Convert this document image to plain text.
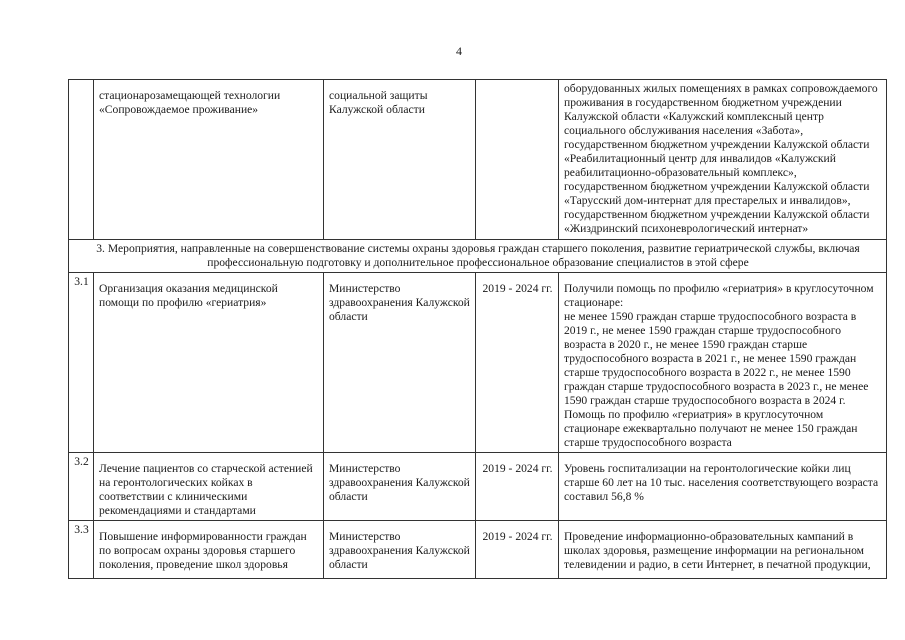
4
	стационарозамещающей технологии «Сопровождаемое проживание»	социальной защиты Калужской области		оборудованных жилых помещениях в рамках сопровождаемого проживания в государственном бюджетном учреждении Калужской области «Калужский комплексный центр социального обслуживания населения «Забота», государственном бюджетном учреждении Калужской области «Реабилитационный центр для инвалидов «Калужский реабилитационно-образовательный комплекс», государственном бюджетном учреждении Калужской области «Тарусский дом-интернат для престарелых и инвалидов», государственном бюджетном учреждении Калужской области «Жиздринский психоневрологический интернат»
3. Мероприятия, направленные на совершенствование системы охраны здоровья граждан старшего поколения, развитие гериатрической службы, включая профессиональную подготовку и дополнительное профессиональное образование специалистов в этой сфере				
3.1	Организация оказания медицинской помощи по профилю «гериатрия»	Министерство здравоохранения Калужской области	2019 - 2024 гг.	Получили помощь по профилю «гериатрия» в круглосуточном стационаре:
не менее 1590 граждан старше трудоспособного возраста в 2019 г., не менее 1590 граждан старше трудоспособного возраста в 2020 г., не менее 1590 граждан старше трудоспособного возраста в 2021 г., не менее 1590 граждан старше трудоспособного возраста в 2022 г., не менее 1590 граждан старше трудоспособного возраста в 2023 г., не менее 1590 граждан старше трудоспособного возраста в 2024 г.
Помощь по профилю «гериатрия» в круглосуточном стационаре ежеквартально получают не менее 150 граждан старше трудоспособного возраста
3.2	Лечение пациентов со старческой астенией на геронтологических койках в соответствии с клиническими рекомендациями и стандартами	Министерство здравоохранения Калужской области	2019 - 2024 гг.	Уровень госпитализации на геронтологические койки лиц старше 60 лет на 10 тыс. населения соответствующего возраста составил 56,8 %
3.3	Повышение информированности граждан по вопросам охраны здоровья старшего поколения, проведение школ здоровья	Министерство здравоохранения Калужской области	2019 - 2024 гг.	Проведение информационно-образовательных кампаний в школах здоровья, размещение информации на региональном телевидении и радио, в сети Интернет, в печатной продукции,
